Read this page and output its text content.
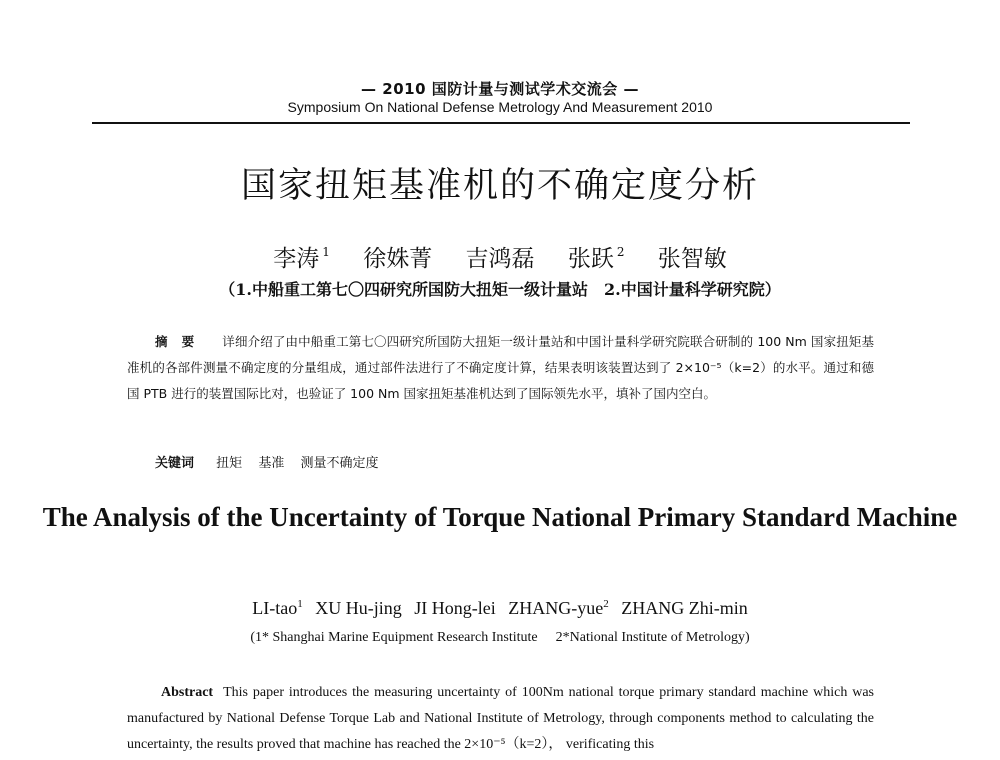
— 2010 国防计量与测试学术交流会 —
Symposium On National Defense Metrology And Measurement 2010
国家扭矩基准机的不确定度分析
李涛 $^1$ 徐姝菁 吉鸿磊 张跃 $^2$ 张智敏
（1.中船重工第七〇四研究所国防大扭矩一级计量站　2.中国计量科学研究院）
摘要 详细介绍了由中船重工第七〇四研究所国防大扭矩一级计量站和中国计量科学研究院联合研制的 100 Nm 国家扭矩基准机的各部件测量不确定度的分量组成，通过部件法进行了不确定度计算，结果表明该装置达到了 2×10⁻⁵（k=2）的水平。通过和德国 PTB 进行的装置国际比对，也验证了 100 Nm 国家扭矩基准机达到了国际领先水平，填补了国内空白。
关键词 扭矩 基准 测量不确定度
The Analysis of the Uncertainty of Torque National Primary Standard Machine
LI-tao$^1$ XU Hu-jing JI Hong-lei ZHANG-yue$^2$ ZHANG Zhi-min
(1* Shanghai Marine Equipment Research Institute 2*National Institute of Metrology)
Abstract This paper introduces the measuring uncertainty of 100Nm national torque primary standard machine which was manufactured by National Defense Torque Lab and National Institute of Metrology, through components method to calculating the uncertainty, the results proved that machine has reached the 2×10⁻⁵（k=2）， verificating this
